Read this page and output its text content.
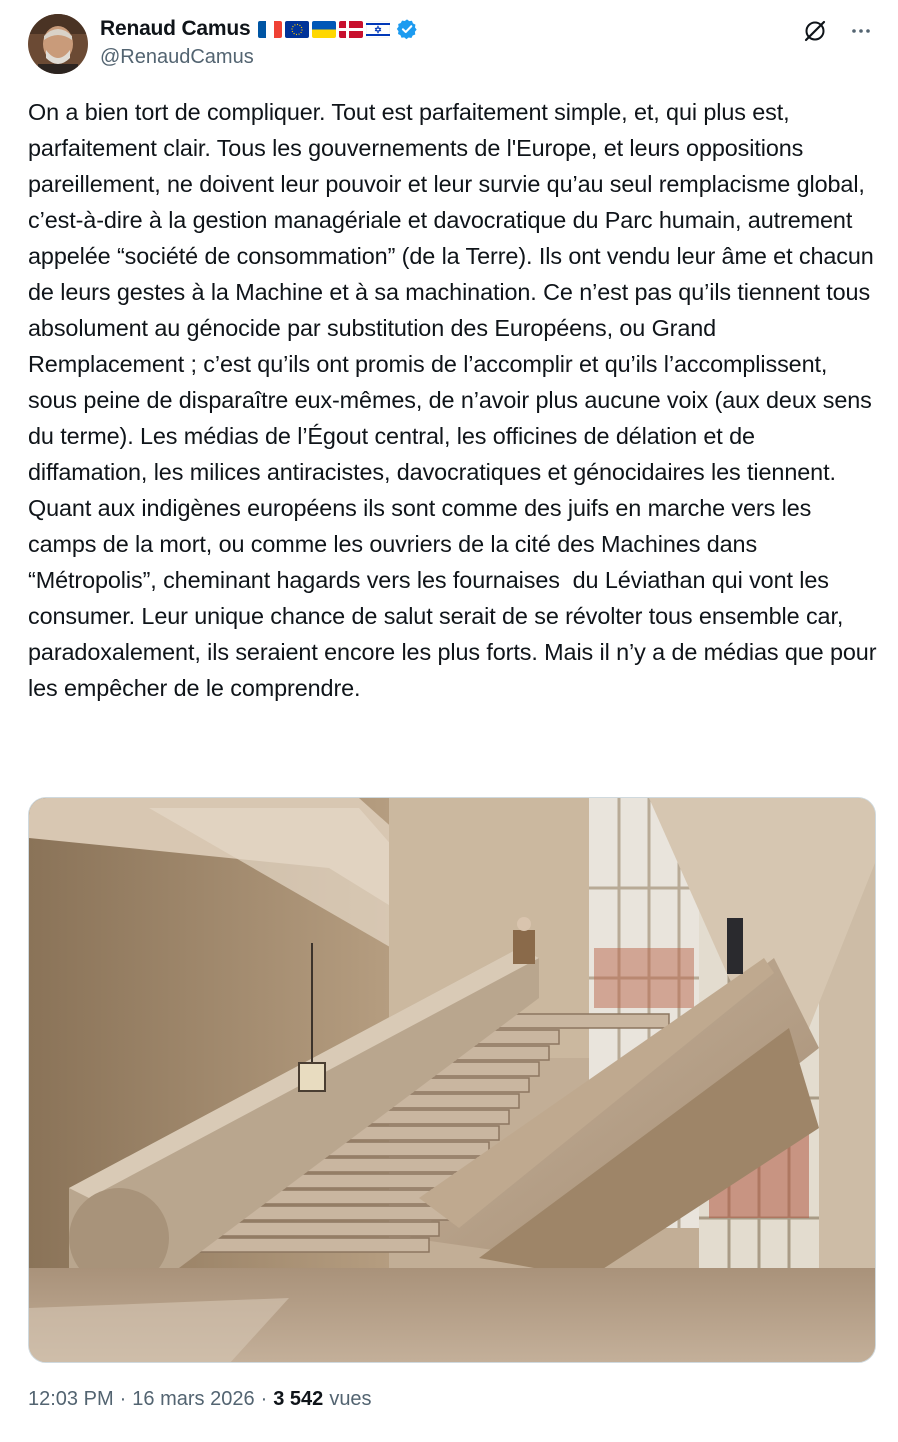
Renaud Camus
@RenaudCamus
On a bien tort de compliquer. Tout est parfaitement simple, et, qui plus est, parfaitement clair. Tous les gouvernements de l'Europe, et leurs oppositions pareillement, ne doivent leur pouvoir et leur survie qu’au seul remplacisme global, c’est-à-dire à la gestion managériale et davocratique du Parc humain, autrement appelée “société de consommation” (de la Terre). Ils ont vendu leur âme et chacun de leurs gestes à la Machine et à sa machination. Ce n’est pas qu’ils tiennent tous absolument au génocide par substitution des Européens, ou Grand Remplacement ; c’est qu’ils ont promis de l’accomplir et qu’ils l’accomplissent, sous peine de disparaître eux-mêmes, de n’avoir plus aucune voix (aux deux sens du terme). Les médias de l’Égout central, les officines de délation et de diffamation, les milices antiracistes, davocratiques et génocidaires les tiennent. Quant aux indigènes européens ils sont comme des juifs en marche vers les camps de la mort, ou comme les ouvriers de la cité des Machines dans “Métropolis”, cheminant hagards vers les fournaises  du Léviathan qui vont les consumer. Leur unique chance de salut serait de se révolter tous ensemble car, paradoxalement, ils seraient encore les plus forts. Mais il n’y a de médias que pour les empêcher de le comprendre.
12:03 PM · 16 mars 2026 · 3 542 vues
